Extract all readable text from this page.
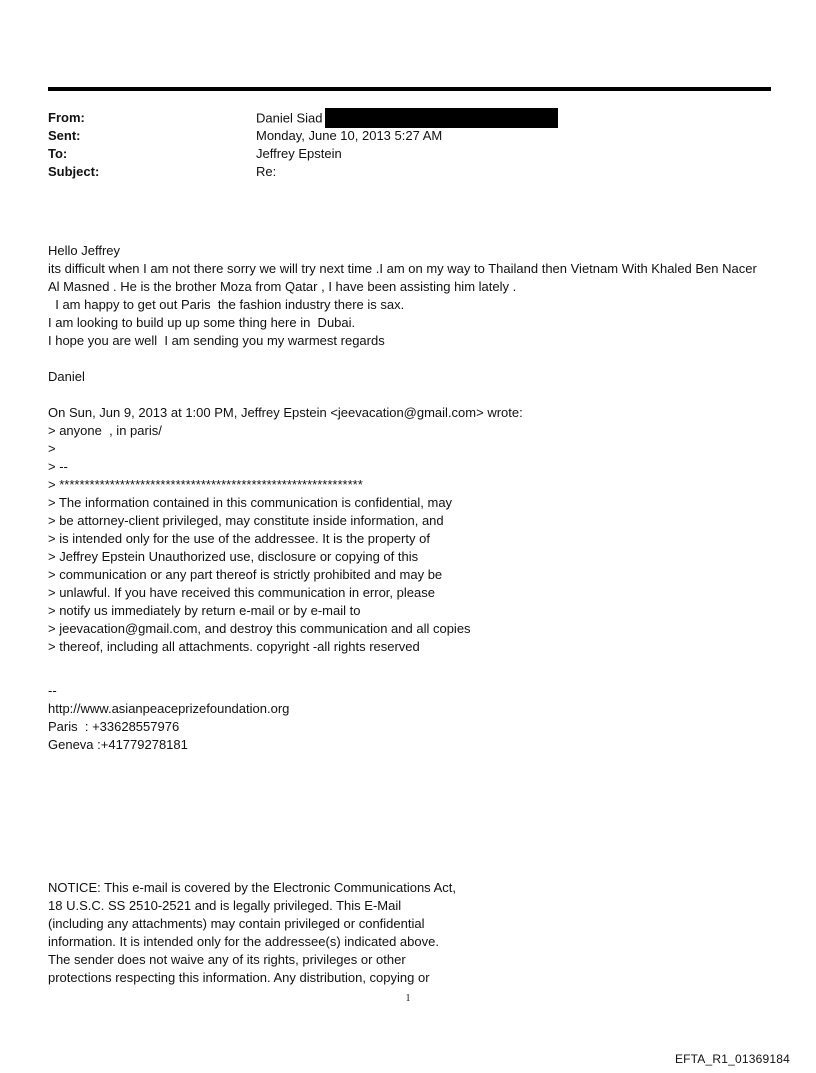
From:	Daniel Siad
Sent:	Monday, June 10, 2013 5:27 AM
To:	Jeffrey Epstein
Subject:	Re:
Hello Jeffrey
its difficult when I am not there sorry we will try next time .I am on my way to Thailand then Vietnam With Khaled Ben Nacer Al Masned . He is the brother Moza from Qatar , I have been assisting him lately .
I am happy to get out Paris  the fashion industry there is sax.
I am looking to build up up some thing here in  Dubai.
I hope you are well  I am sending you my warmest regards
Daniel
On Sun, Jun 9, 2013 at 1:00 PM, Jeffrey Epstein <jeevacation@gmail.com> wrote:
> anyone  , in paris/
>
> --
> ************************************************************
> The information contained in this communication is confidential, may
> be attorney-client privileged, may constitute inside information, and
> is intended only for the use of the addressee. It is the property of
> Jeffrey Epstein Unauthorized use, disclosure or copying of this
> communication or any part thereof is strictly prohibited and may be
> unlawful. If you have received this communication in error, please
> notify us immediately by return e-mail or by e-mail to
> jeevacation@gmail.com, and destroy this communication and all copies
> thereof, including all attachments. copyright -all rights reserved
--
http://www.asianpeaceprizefoundation.org
Paris  : +33628557976
Geneva :+41779278181
NOTICE: This e-mail is covered by the Electronic Communications Act,
18 U.S.C. SS 2510-2521 and is legally privileged. This E-Mail
(including any attachments) may contain privileged or confidential
information. It is intended only for the addressee(s) indicated above.
The sender does not waive any of its rights, privileges or other
protections respecting this information. Any distribution, copying or
1
EFTA_R1_01369184
